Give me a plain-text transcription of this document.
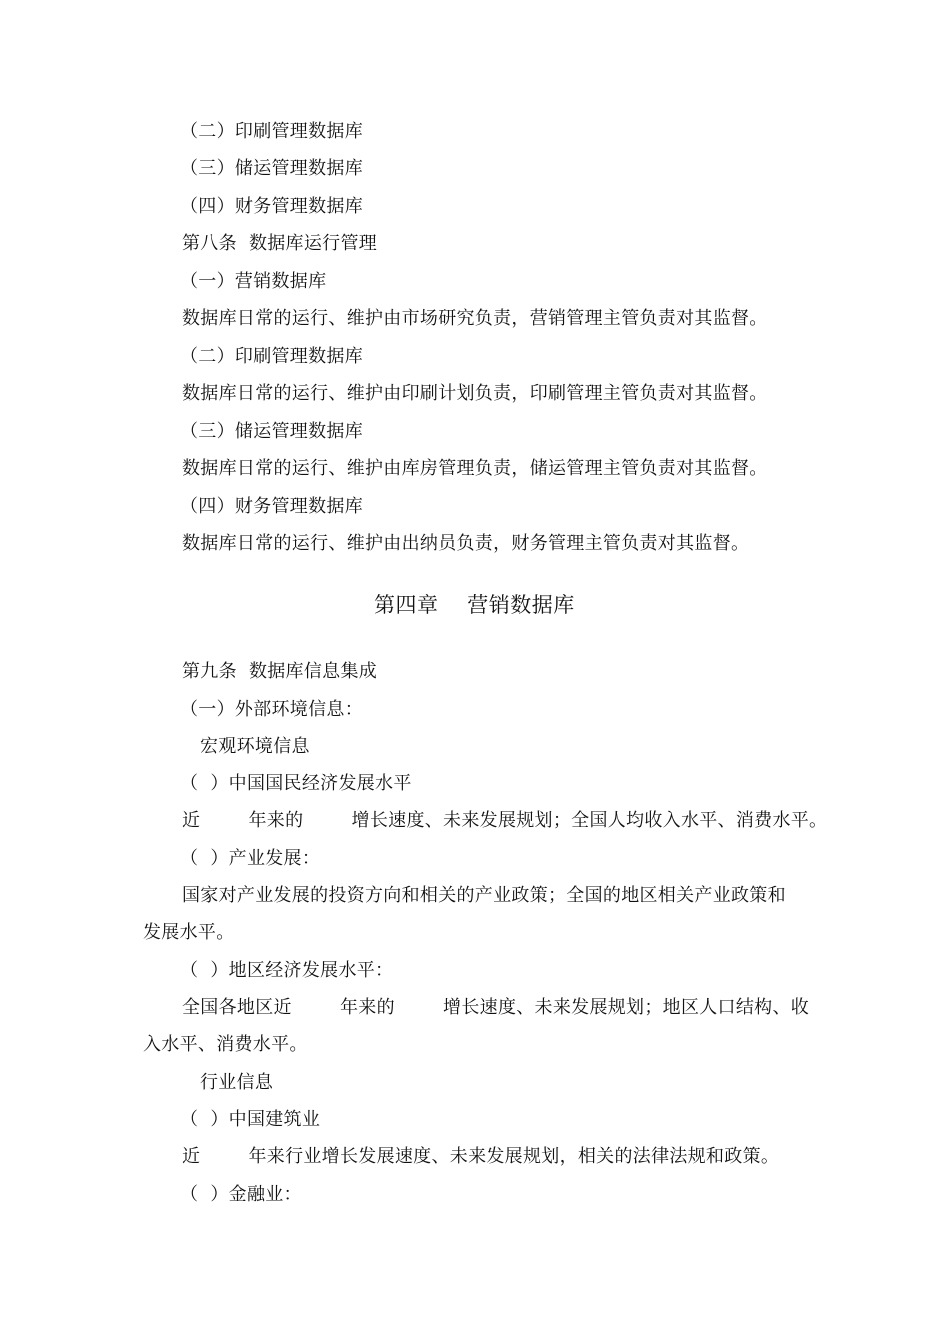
（二）印刷管理数据库
（三）储运管理数据库
（四）财务管理数据库
第八条  数据库运行管理
（一）营销数据库
数据库日常的运行、维护由市场研究负责，营销管理主管负责对其监督。
（二）印刷管理数据库
数据库日常的运行、维护由印刷计划负责，印刷管理主管负责对其监督。
（三）储运管理数据库
数据库日常的运行、维护由库房管理负责，储运管理主管负责对其监督。
（四）财务管理数据库
数据库日常的运行、维护由出纳员负责，财务管理主管负责对其监督。
第四章    营销数据库
第九条  数据库信息集成
（一）外部环境信息：
宏观环境信息
（  ）中国国民经济发展水平
近        年来的        增长速度、未来发展规划；全国人均收入水平、消费水平。
（  ）产业发展：
国家对产业发展的投资方向和相关的产业政策；全国的地区相关产业政策和
发展水平。
（  ）地区经济发展水平：
全国各地区近        年来的        增长速度、未来发展规划；地区人口结构、收
入水平、消费水平。
行业信息
（  ）中国建筑业
近        年来行业增长发展速度、未来发展规划，相关的法律法规和政策。
（  ）金融业：
